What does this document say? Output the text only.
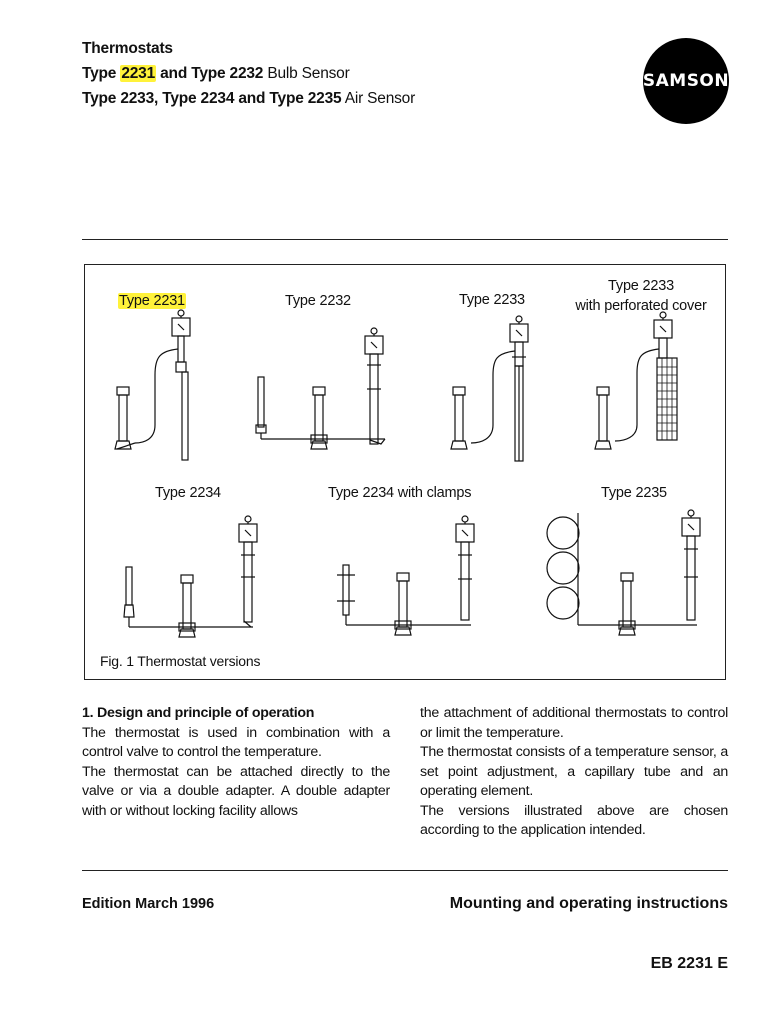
Thermostats
Type 2231 and Type 2232 Bulb Sensor
Type 2233, Type 2234 and Type 2235 Air Sensor
SAMSON
Type 2231	Type 2232	Type 2233
Type 2233
with perforated cover
Type 2234	Type 2234 with clamps	Type 2235
Fig. 1 Thermostat versions

1. Design and principle of operation

The thermostat is used in combination with a control valve to control the temperature.

The thermostat can be attached directly to the valve or via a double adapter. A double adapter with or without locking facility allows

the attachment of additional thermostats to control or limit the temperature.

The thermostat consists of a temperature sensor, a set point adjustment, a capillary tube and an operating element.

The versions illustrated above are chosen according to the application intended.

Edition March 1996	Mounting and operating instructions
EB 2231 E
